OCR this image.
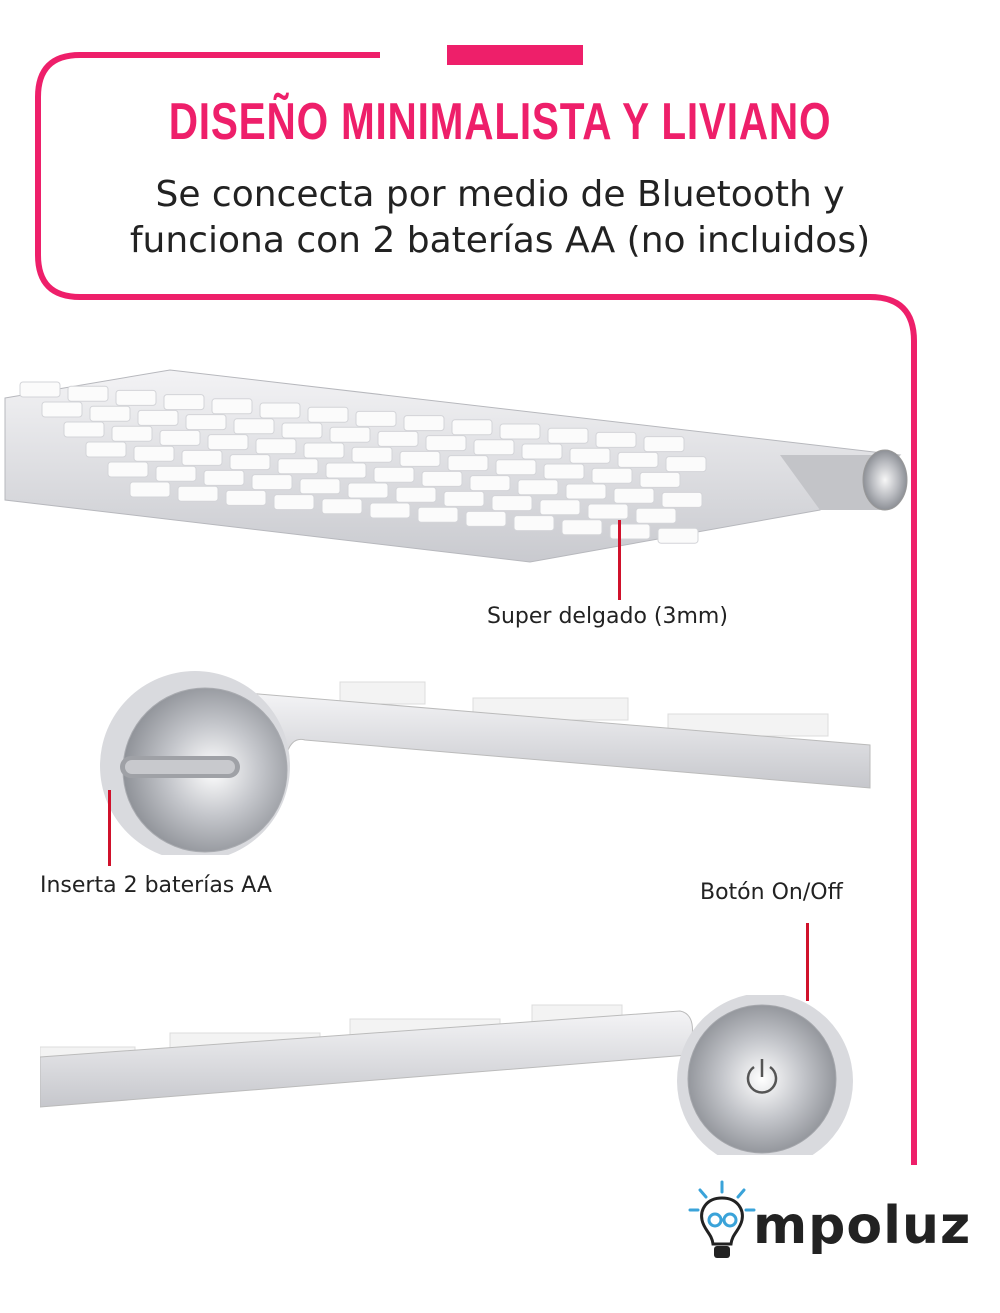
DISEÑO MINIMALISTA Y LIVIANO
Se concecta por medio de Bluetooth y
funciona con 2 baterías AA (no incluidos)
Super delgado (3mm)
Inserta 2 baterías AA	Botón On/Off
mpoluz
